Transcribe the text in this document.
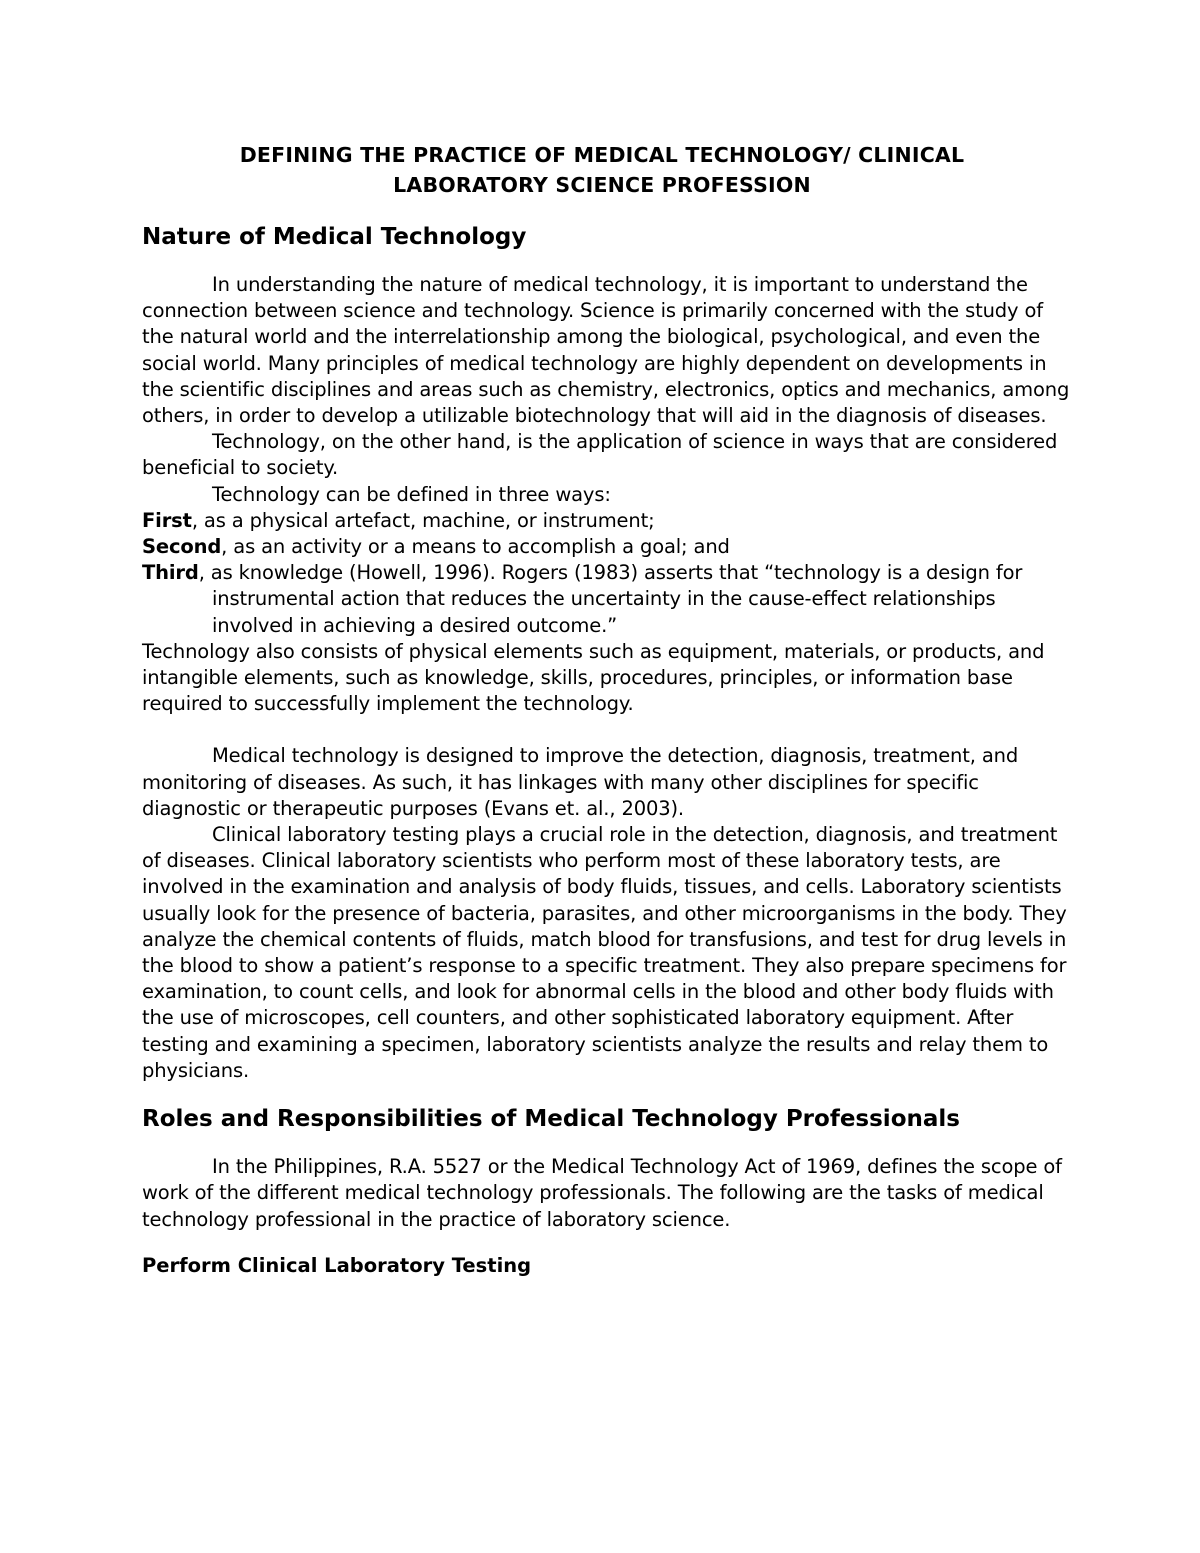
DEFINING THE PRACTICE OF MEDICAL TECHNOLOGY/ CLINICAL
LABORATORY SCIENCE PROFESSION
Nature of Medical Technology

In understanding the nature of medical technology, it is important to understand the connection between science and technology. Science is primarily concerned with the study of the natural world and the interrelationship among the biological, psychological, and even the social world. Many principles of medical technology are highly dependent on developments in the scientific disciplines and areas such as chemistry, electronics, optics and mechanics, among others, in order to develop a utilizable biotechnology that will aid in the diagnosis of diseases.

Technology, on the other hand, is the application of science in ways that are considered beneficial to society.

Technology can be defined in three ways:

First, as a physical artefact, machine, or instrument;

Second, as an activity or a means to accomplish a goal; and

Third, as knowledge (Howell, 1996). Rogers (1983) asserts that “technology is a design for instrumental action that reduces the uncertainty in the cause-effect relationships involved in achieving a desired outcome.”

Technology also consists of physical elements such as equipment, materials, or products, and intangible elements, such as knowledge, skills, procedures, principles, or information base required to successfully implement the technology.

Medical technology is designed to improve the detection, diagnosis, treatment, and monitoring of diseases. As such, it has linkages with many other disciplines for specific diagnostic or therapeutic purposes (Evans et. al., 2003).

Clinical laboratory testing plays a crucial role in the detection, diagnosis, and treatment of diseases. Clinical laboratory scientists who perform most of these laboratory tests, are involved in the examination and analysis of body fluids, tissues, and cells. Laboratory scientists usually look for the presence of bacteria, parasites, and other microorganisms in the body. They analyze the chemical contents of fluids, match blood for transfusions, and test for drug levels in the blood to show a patient’s response to a specific treatment. They also prepare specimens for examination, to count cells, and look for abnormal cells in the blood and other body fluids with the use of microscopes, cell counters, and other sophisticated laboratory equipment. After testing and examining a specimen, laboratory scientists analyze the results and relay them to physicians.

Roles and Responsibilities of Medical Technology Professionals

In the Philippines, R.A. 5527 or the Medical Technology Act of 1969, defines the scope of work of the different medical technology professionals. The following are the tasks of medical technology professional in the practice of laboratory science.

Perform Clinical Laboratory Testing
